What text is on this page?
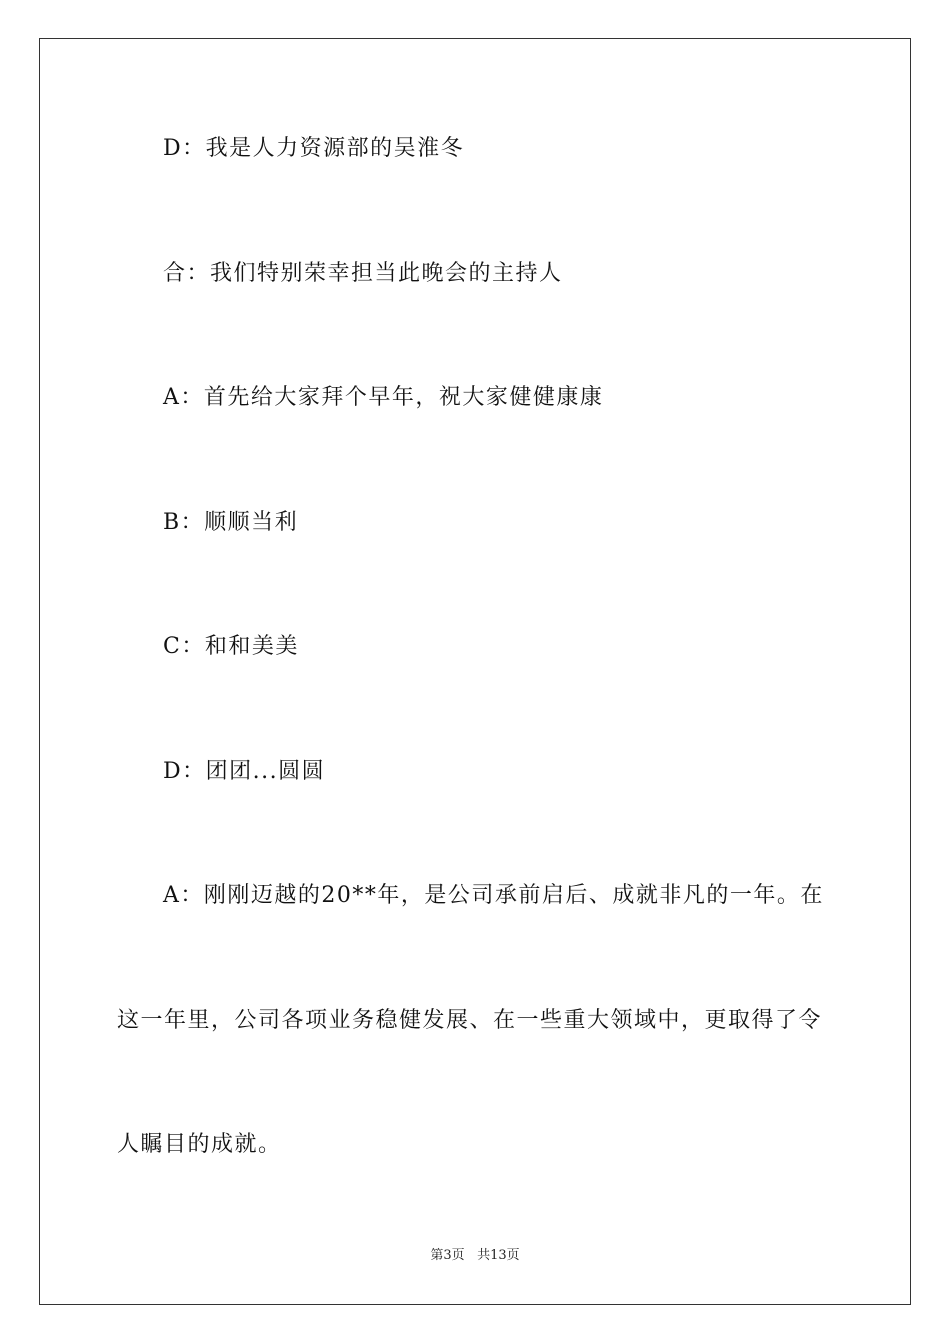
D：我是人力资源部的吴淮冬
合：我们特别荣幸担当此晚会的主持人
A：首先给大家拜个早年，祝大家健健康康
B：顺顺当利
C：和和美美
D：团团...圆圆
A：刚刚迈越的20**年，是公司承前启后、成就非凡的一年。在
这一年里，公司各项业务稳健发展、在一些重大领域中，更取得了令
人瞩目的成就。
第3页 共13页
